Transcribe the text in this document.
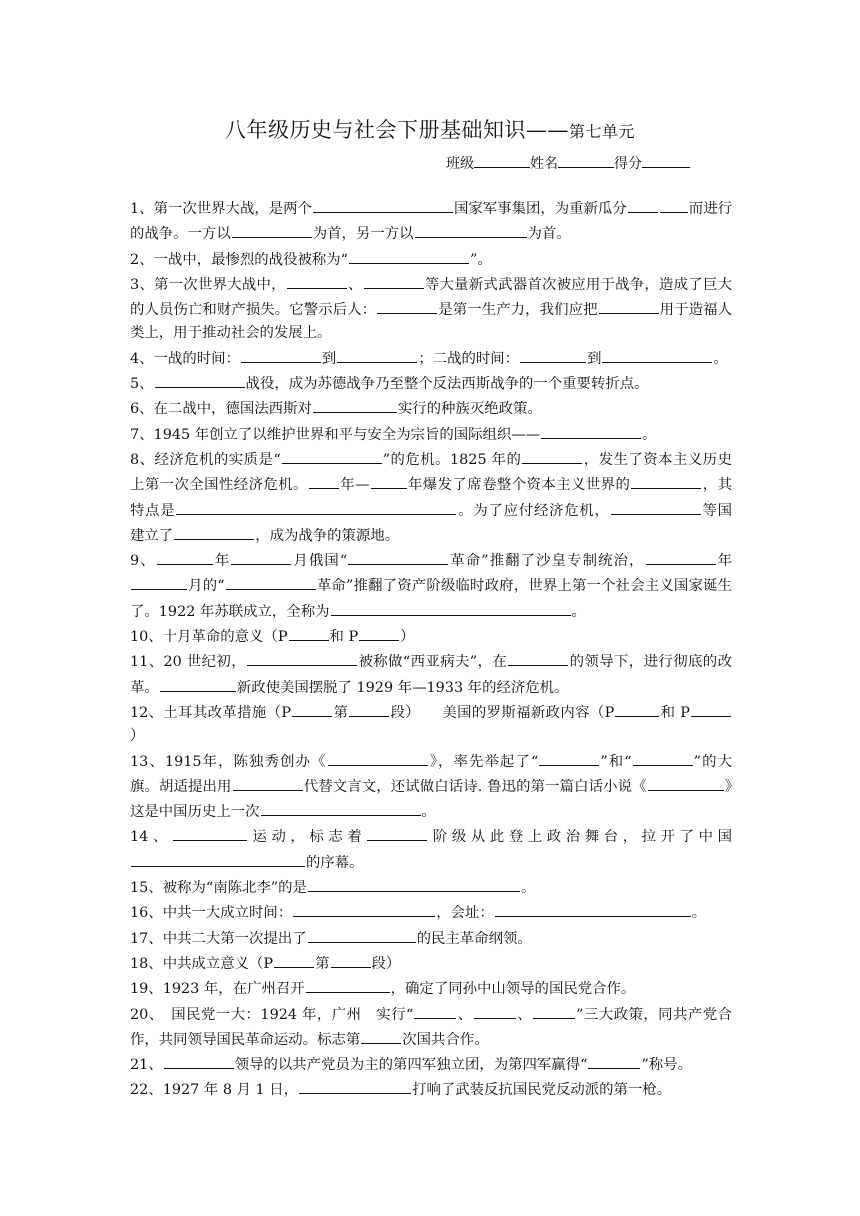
八年级历史与社会下册基础知识——第七单元
班级	姓名	得分

1、第一次世界大战，是两个	国家军事集团，为重新瓜分	而进行的战争。一方以	为首，另一方以	为首。

2、一战中，最惨烈的战役被称为“	”。

3、第一次世界大战中，	、	等大量新式武器首次被应用于战争，造成了巨大的人员伤亡和财产损失。它警示后人：	是第一生产力，我们应把	用于造福人类上，用于推动社会的发展上。

4、一战的时间：	到	；二战的时间：	到	。

5、	战役，成为苏德战争乃至整个反法西斯战争的一个重要转折点。

6、在二战中，德国法西斯对	实行的种族灭绝政策。

7、1945 年创立了以维护世界和平与安全为宗旨的国际组织——	。

8、经济危机的实质是“	”的危机。1825 年的	，发生了资本主义历史上第一次全国性经济危机。 年—	年爆发了席卷整个资本主义世界的	，其特点是	。为了应付经济危机，	等国建立了	，成为战争的策源地。

9、	年	月俄国“	革命”推翻了沙皇专制统治，	年月的“	革命”推翻了资产阶级临时政府，世界上第一个社会主义国家诞生了。1922 年苏联成立，全称为	。

10、十月革命的意义（P	和 P	）

11、20 世纪初，	被称做“西亚病夫”，在	的领导下，进行彻底的改革。	新政使美国摆脱了 1929 年—1933 年的经济危机。

12、土耳其改革措施（P	第	段）　　美国的罗斯福新政内容（P	和 P）

13、1915年，陈独秀创办《	》，率先举起了“	”和“	”的大旗。胡适提出用	代替文言文，还试做白话诗. 鲁迅的第一篇白话小说《	》　　这是中国历史上一次	。

14、	运动，标志着	阶级从此登上政治舞台，拉开了中国的序幕。

15、被称为“南陈北李”的是	。

16、中共一大成立时间：	，会址：	。

17、中共二大第一次提出了	的民主革命纲领。

18、中共成立意义（P	第	段）

19、1923 年，在广州召开	，确定了同孙中山领导的国民党合作。

20、　国民党一大：1924 年，广州　实行“	、	、	”三大政策，同共产党合作，共同领导国民革命运动。标志第	次国共合作。

21、	领导的以共产党员为主的第四军独立团，为第四军赢得“	”称号。

22、1927 年 8 月 1 日，	打响了武装反抗国民党反动派的第一枪。
